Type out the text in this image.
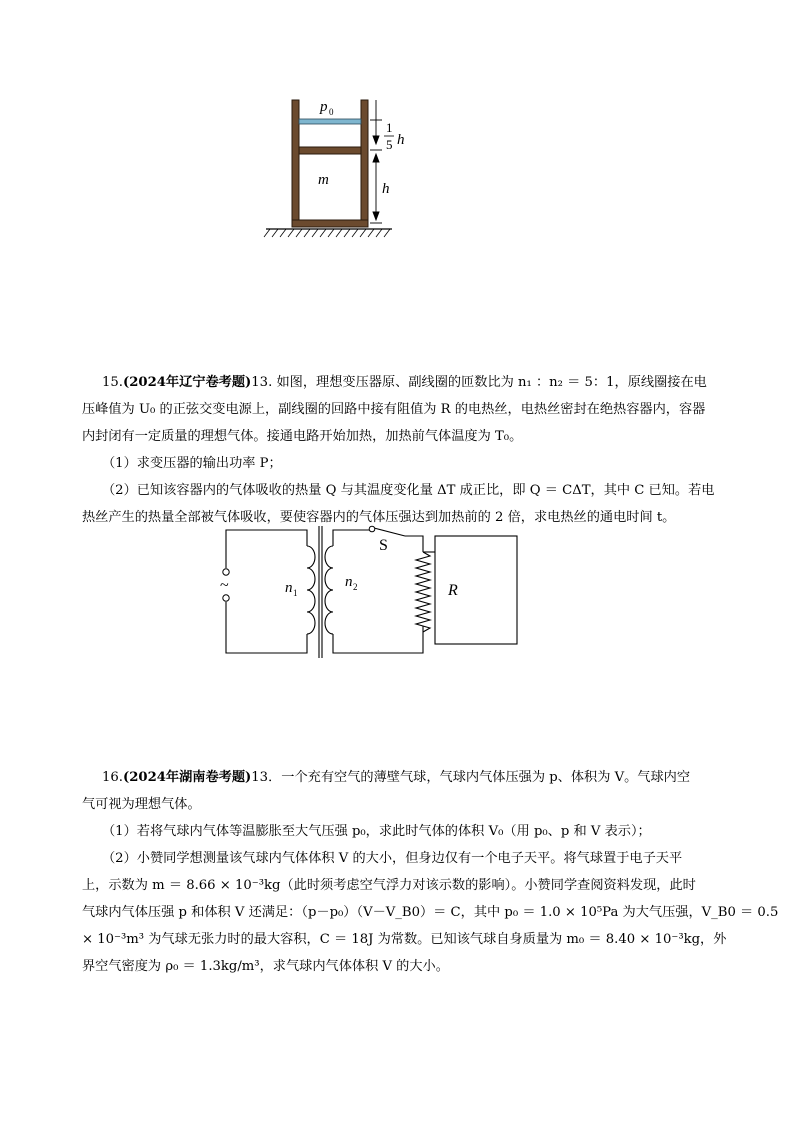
p 0
m
1
5 h
h

15.(2024年辽宁卷考题)13. 如图，理想变压器原、副线圈的匝数比为 n₁ ：n₂ ＝ 5：1，原线圈接在电

压峰值为 U₀ 的正弦交变电源上，副线圈的回路中接有阻值为 R 的电热丝，电热丝密封在绝热容器内，容器

内封闭有一定质量的理想气体。接通电路开始加热，加热前气体温度为 T₀。

（1）求变压器的输出功率 P；

（2）已知该容器内的气体吸收的热量 Q 与其温度变化量 ΔT 成正比，即 Q ＝ CΔT，其中 C 已知。若电

热丝产生的热量全部被气体吸收，要使容器内的气体压强达到加热前的 2 倍，求电热丝的通电时间 t。

~	n 1
n 2
S
R

16.(2024年湖南卷考题)13．一个充有空气的薄壁气球，气球内气体压强为 p、体积为 V。气球内空

气可视为理想气体。

（1）若将气球内气体等温膨胀至大气压强 p₀，求此时气体的体积 V₀（用 p₀、p 和 V 表示）；

（2）小赞同学想测量该气球内气体体积 V 的大小，但身边仅有一个电子天平。将气球置于电子天平

上，示数为 m ＝ 8.66 × 10⁻³kg（此时须考虑空气浮力对该示数的影响）。小赞同学查阅资料发现，此时

气球内气体压强 p 和体积 V 还满足：（p－p₀）（V－V_B0）＝ C，其中 p₀ ＝ 1.0 × 10⁵Pa 为大气压强，V_B0 ＝ 0.5

× 10⁻³m³ 为气球无张力时的最大容积，C ＝ 18J 为常数。已知该气球自身质量为 m₀ ＝ 8.40 × 10⁻³kg，外

界空气密度为 ρ₀ ＝ 1.3kg/m³，求气球内气体体积 V 的大小。
